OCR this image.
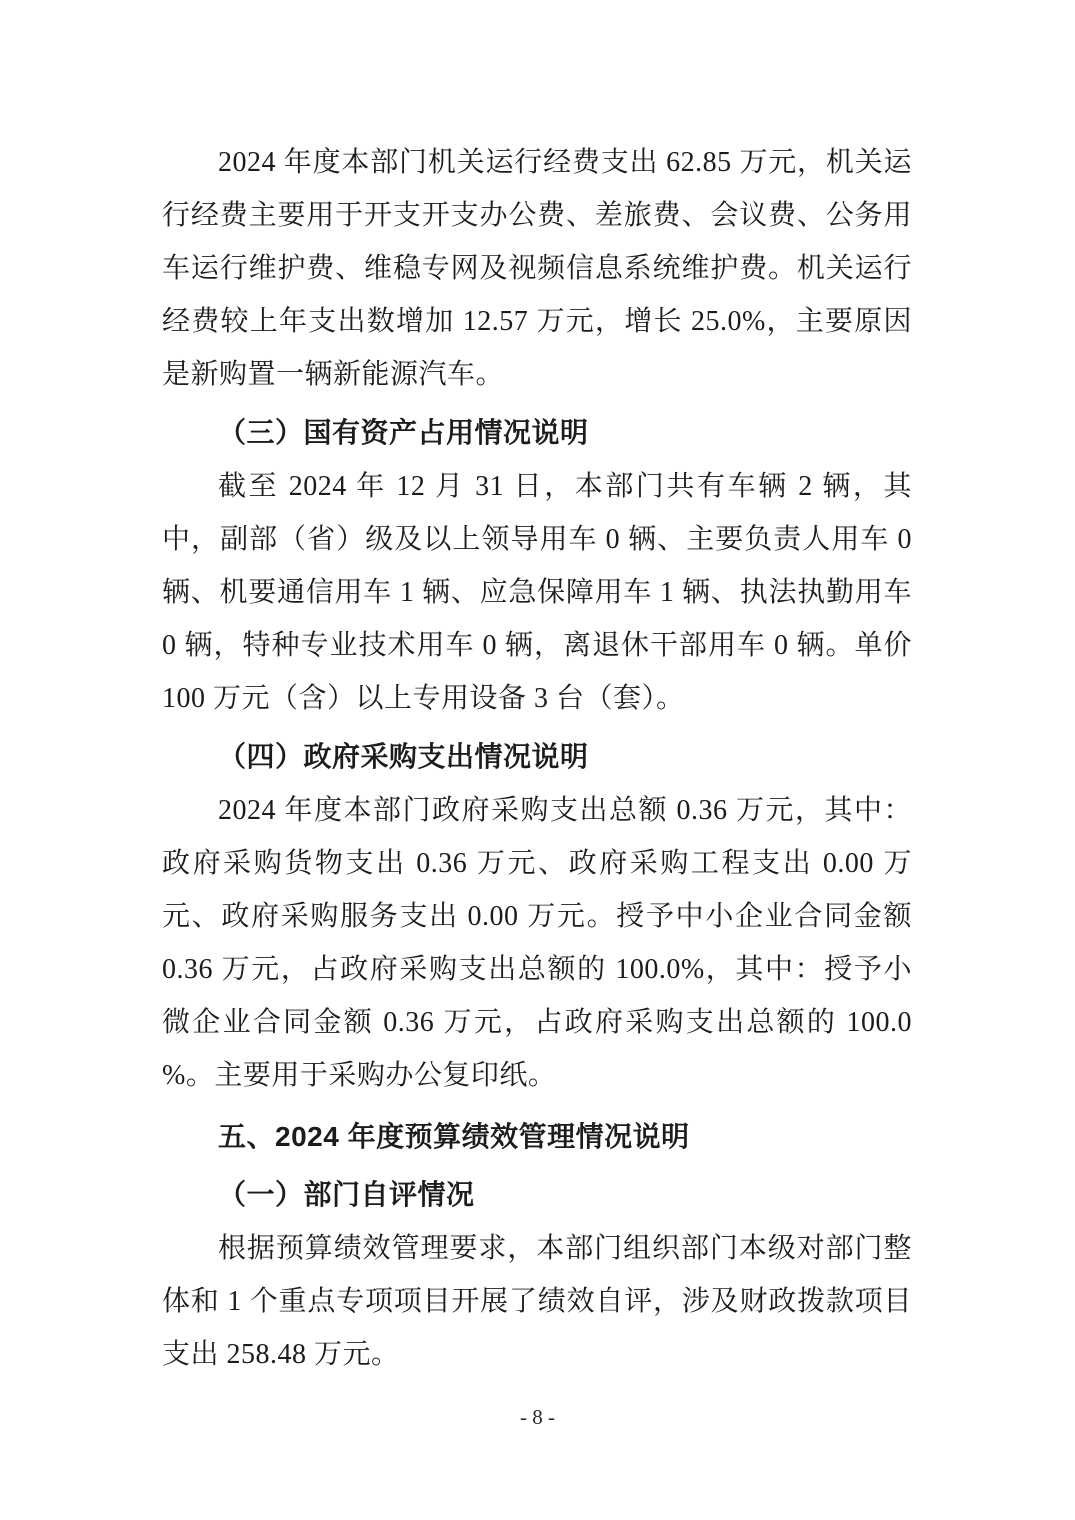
2024 年度本部门机关运行经费支出 62.85 万元，机关运行经费主要用于开支开支办公费、差旅费、会议费、公务用车运行维护费、维稳专网及视频信息系统维护费。机关运行经费较上年支出数增加 12.57 万元，增长 25.0%，主要原因是新购置一辆新能源汽车。

（三）国有资产占用情况说明

截至 2024 年 12 月 31 日，本部门共有车辆 2 辆，其中，副部（省）级及以上领导用车 0 辆、主要负责人用车 0 辆、机要通信用车 1 辆、应急保障用车 1 辆、执法执勤用车 0 辆，特种专业技术用车 0 辆，离退休干部用车 0 辆。单价 100 万元（含）以上专用设备 3 台（套）。

（四）政府采购支出情况说明

2024 年度本部门政府采购支出总额 0.36 万元，其中：政府采购货物支出 0.36 万元、政府采购工程支出 0.00 万元、政府采购服务支出 0.00 万元。授予中小企业合同金额 0.36 万元，占政府采购支出总额的 100.0%，其中：授予小微企业合同金额 0.36 万元，占政府采购支出总额的 100.0 %。主要用于采购办公复印纸。

五、2024 年度预算绩效管理情况说明

（一）部门自评情况

根据预算绩效管理要求，本部门组织部门本级对部门整体和 1 个重点专项项目开展了绩效自评，涉及财政拨款项目支出 258.48 万元。

- 8 -
